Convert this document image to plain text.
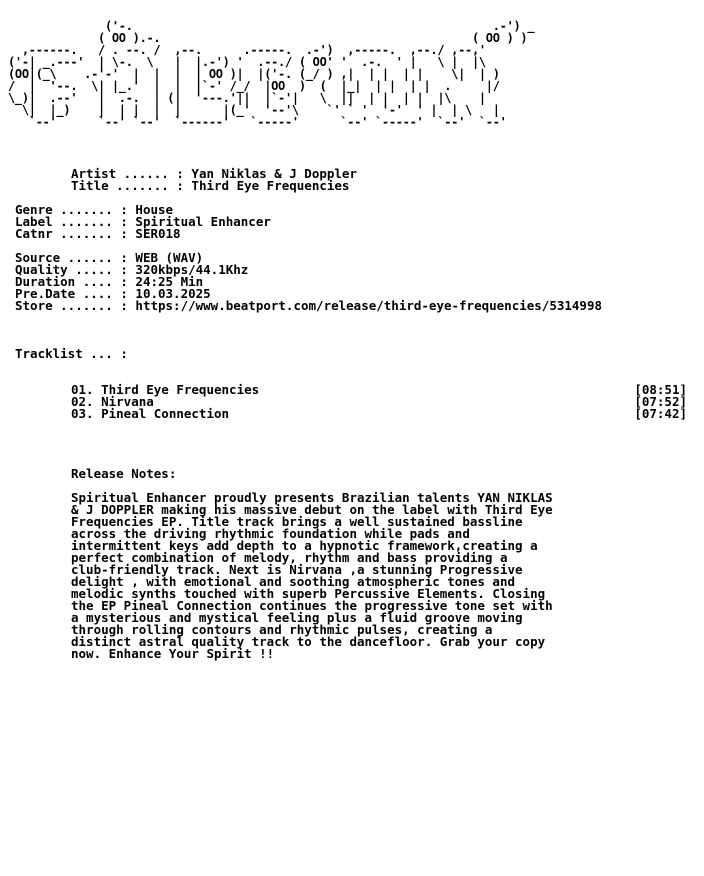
('-.                                                    .-') _
( OO ).-.                                             ( OO ) )
,------.   / . --. /  ,--.      .-----.  .-')  ,-----.  ,--./ ,--,'
('-| _.---'  | \-.  \   |  |.-') '  .--./ ( OO' '  .-.  ' |   \ |  |\
(OO|(_\    .-'-'  |  |  |  | OO )|  |('-. (_/ ) ,|  | |  | |    \|  | )
/  |  '--.  \| |_.'  |  |  |`-' /_/  |OO  )  (  |_|  | |  | |  .     |/
\_)|  .--'   |  .-.  | (|  '---.'||  |`-'|   \  ||  | |  | |  |\    |
\|  |_)    |  | |  |  |      |(_'  '--'\    `' ` '  '-'  ' |  | \   |
`--'      `--' `--'  `------'   `-----'      `--' `-----'  `--'  `--'
Artist ...... : Yan Niklas & J Doppler
Title ....... : Third Eye Frequencies
Genre ....... : House
Label ....... : Spiritual Enhancer
Catnr ....... : SER018
Source ...... : WEB (WAV)
Quality ..... : 320kbps/44.1Khz
Duration .... : 24:25 Min
Pre.Date .... : 10.03.2025
Store ....... : https://www.beatport.com/release/third-eye-frequencies/5314998
Tracklist ... :
01. Third Eye Frequencies	[08:51]
02. Nirvana	[07:52]
03. Pineal Connection	[07:42]
Release Notes:
Spiritual Enhancer proudly presents Brazilian talents YAN NIKLAS
& J DOPPLER making his massive debut on the label with Third Eye
Frequencies EP. Title track brings a well sustained bassline
across the driving rhythmic foundation while pads and
intermittent keys add depth to a hypnotic framework,creating a
perfect combination of melody, rhythm and bass providing a
club-friendly track. Next is Nirvana ,a stunning Progressive
delight , with emotional and soothing atmospheric tones and
melodic synths touched with superb Percussive Elements. Closing
the EP Pineal Connection continues the progressive tone set with
a mysterious and mystical feeling plus a fluid groove moving
through rolling contours and rhythmic pulses, creating a
distinct astral quality track to the dancefloor. Grab your copy
now. Enhance Your Spirit !!
